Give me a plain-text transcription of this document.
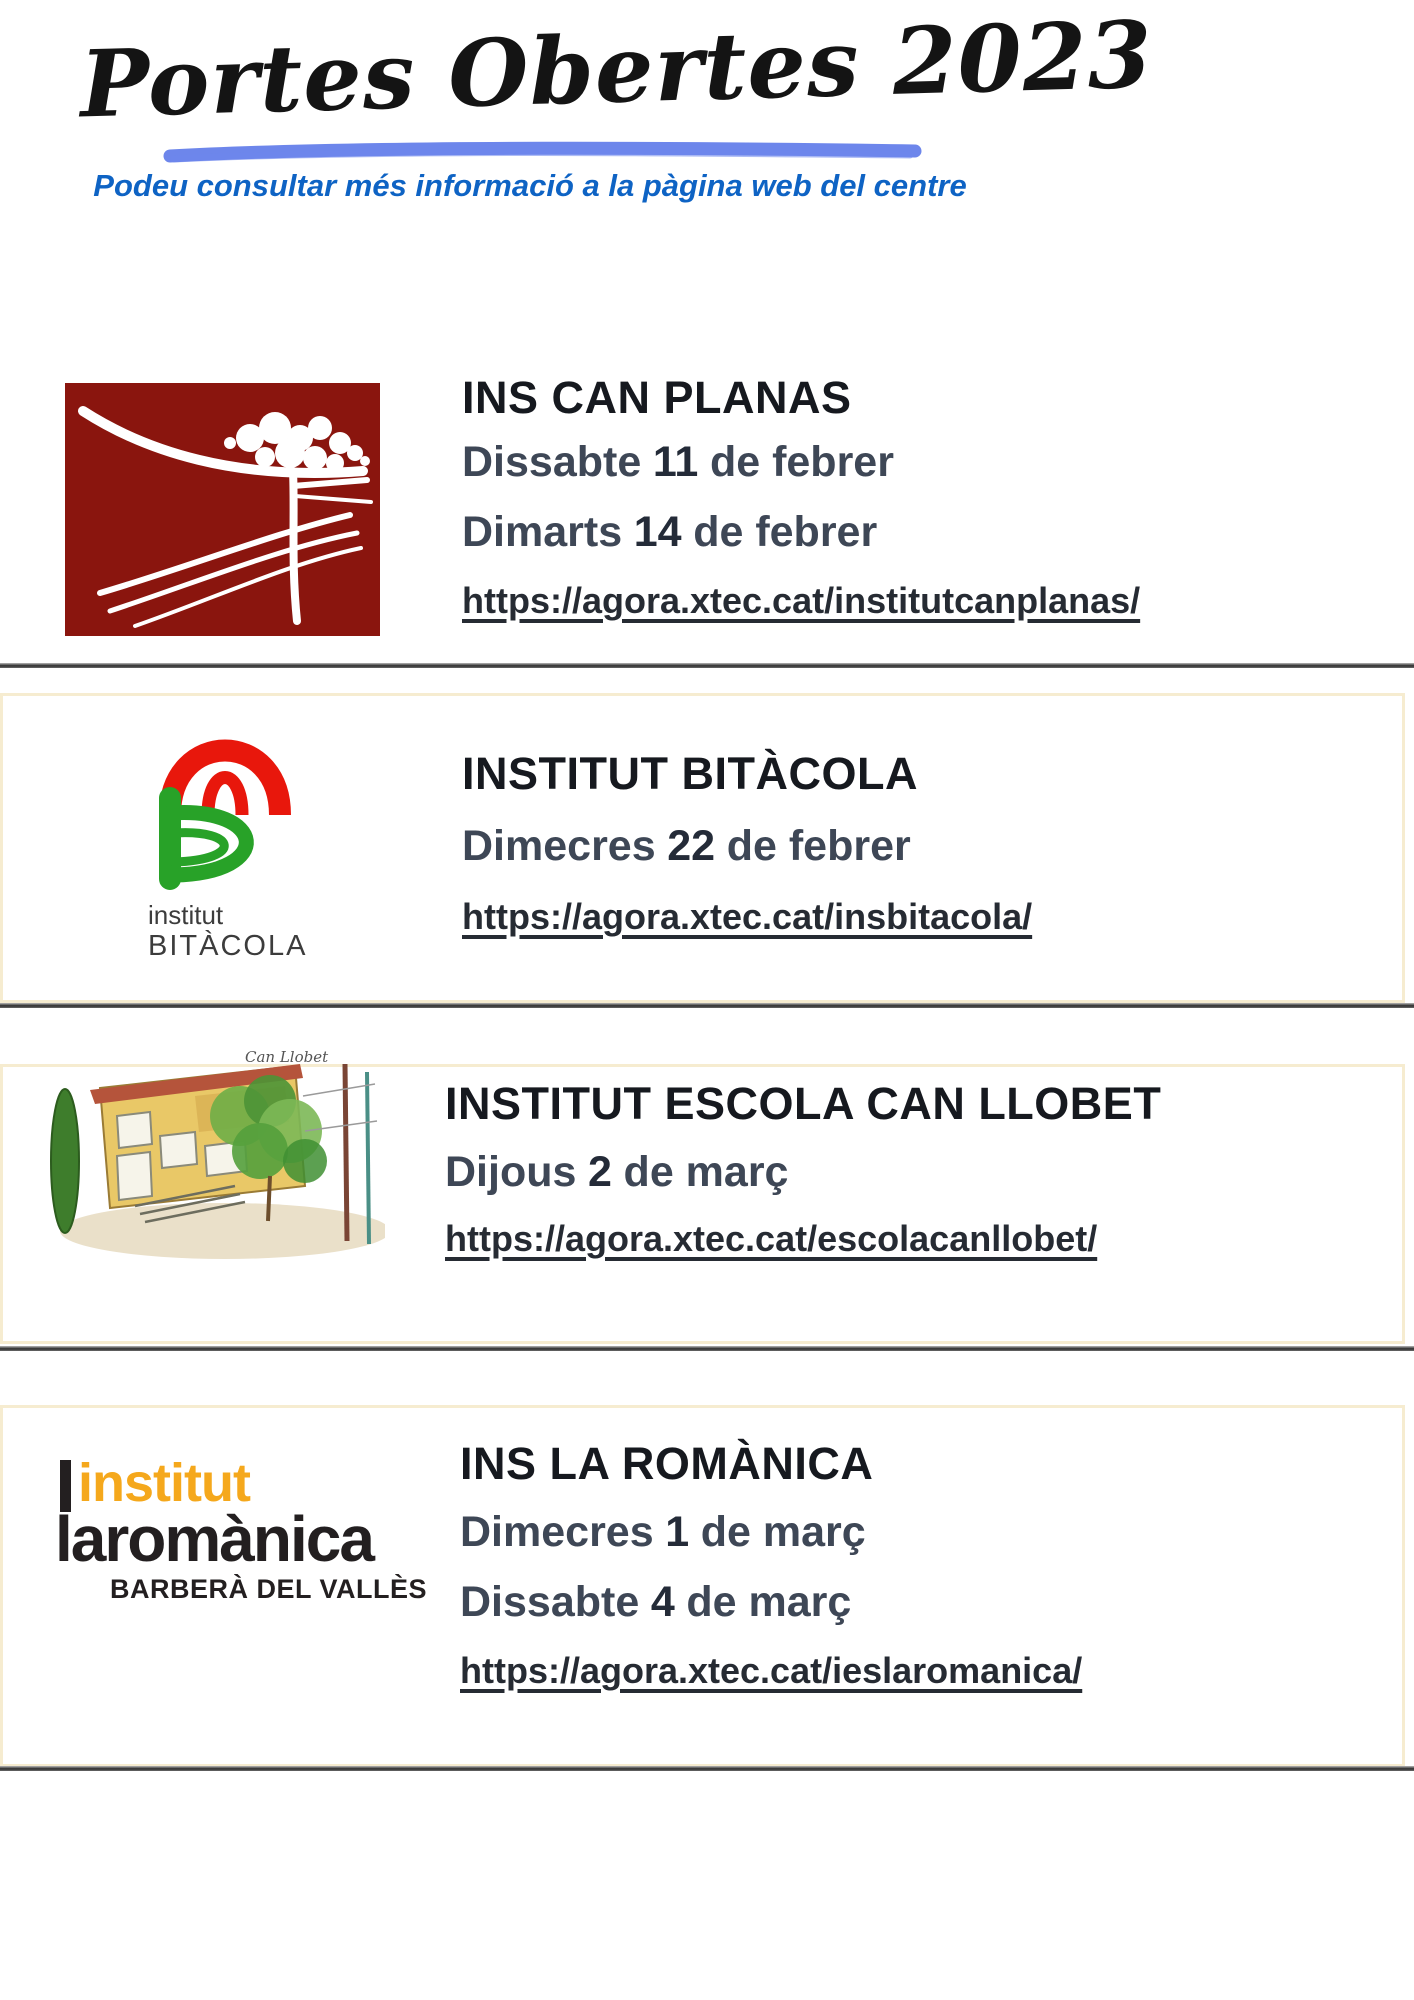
Portes Obertes 2023
Podeu consultar més informació a la pàgina web del centre
INS CAN PLANAS
Dissabte 11 de febrer
Dimarts 14 de febrer
https://agora.xtec.cat/institutcanplanas/
institut
BITÀCOLA
INSTITUT BITÀCOLA
Dimecres 22 de febrer
https://agora.xtec.cat/insbitacola/
Can Llobet
INSTITUT ESCOLA CAN LLOBET
Dijous 2 de març
https://agora.xtec.cat/escolacanllobet/
institut
laromànica
BARBERÀ DEL VALLÈS
INS LA ROMÀNICA
Dimecres 1 de març
Dissabte 4 de març
https://agora.xtec.cat/ieslaromanica/
